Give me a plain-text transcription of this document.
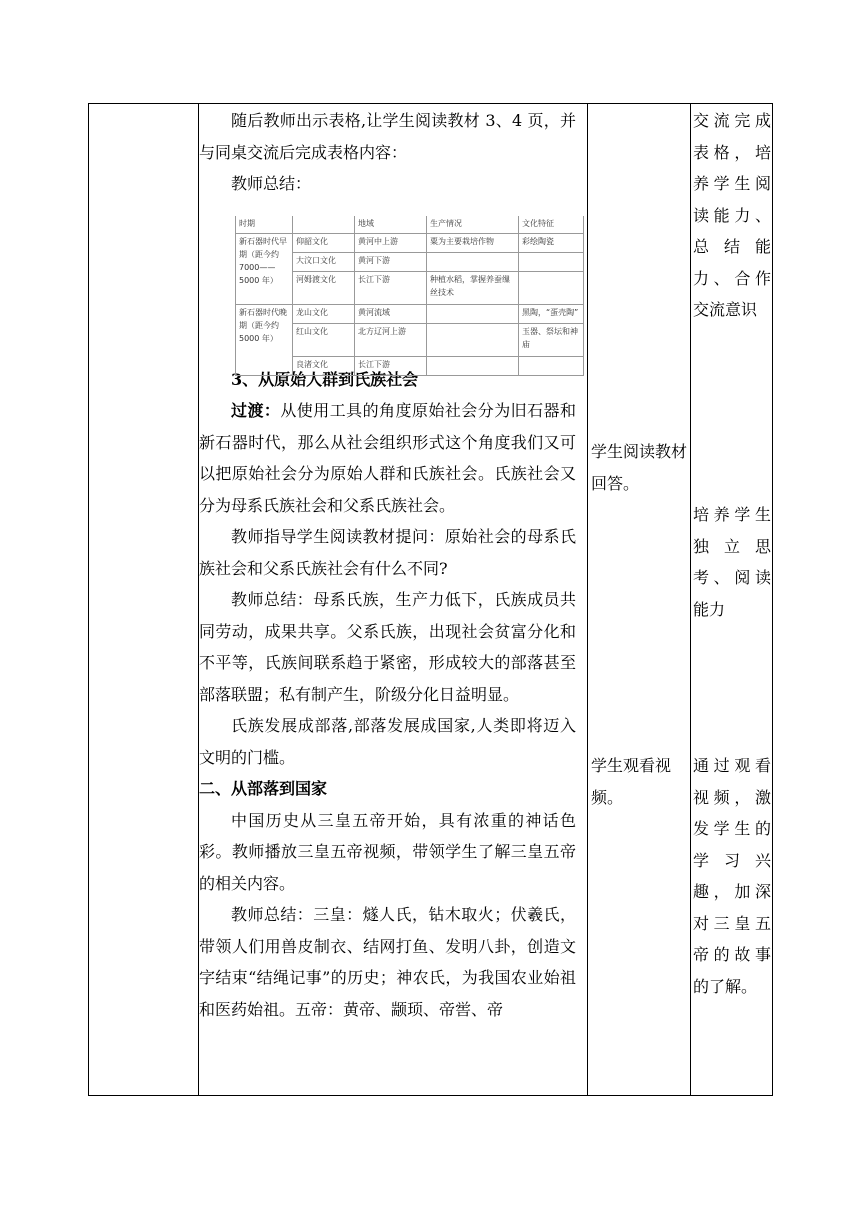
随后教师出示表格,让学生阅读教材 3、4 页，并与同桌交流后完成表格内容：

教师总结：

3、从原始人群到氏族社会

过渡：从使用工具的角度原始社会分为旧石器和新石器时代，那么从社会组织形式这个角度我们又可以把原始社会分为原始人群和氏族社会。氏族社会又分为母系氏族社会和父系氏族社会。

教师指导学生阅读教材提问：原始社会的母系氏族社会和父系氏族社会有什么不同?

教师总结：母系氏族，生产力低下，氏族成员共同劳动，成果共享。父系氏族，出现社会贫富分化和不平等，氏族间联系趋于紧密，形成较大的部落甚至部落联盟；私有制产生，阶级分化日益明显。

氏族发展成部落,部落发展成国家,人类即将迈入文明的门槛。

二、从部落到国家

中国历史从三皇五帝开始，具有浓重的神话色彩。教师播放三皇五帝视频，带领学生了解三皇五帝的相关内容。

教师总结：三皇：燧人氏，钻木取火；伏羲氏，带领人们用兽皮制衣、结网打鱼、发明八卦，创造文字结束“结绳记事”的历史；神农氏，为我国农业始祖和医药始祖。五帝：黄帝、颛顼、帝喾、帝

学生阅读教材回答。
学生观看视频。
交流完成表格，培养学生阅读能力、总结能力、合作交流意识
培养学生独立思考、阅读能力
通过观看视频，激发学生的学习兴趣，加深对三皇五帝的故事的了解。
时期		地域	生产情况	文化特征
新石器时代早期（距今约 7000——5000 年）	仰韶文化	黄河中上游	粟为主要栽培作物	彩绘陶瓷
	大汶口文化	黄河下游		
	河姆渡文化	长江下游	种植水稻，掌握养蚕缫丝技术	
新石器时代晚期（距今约 5000 年）	龙山文化	黄河流域		黑陶，“蛋壳陶”
	红山文化	北方辽河上游		玉器、祭坛和神庙
	良渚文化	长江下游		
